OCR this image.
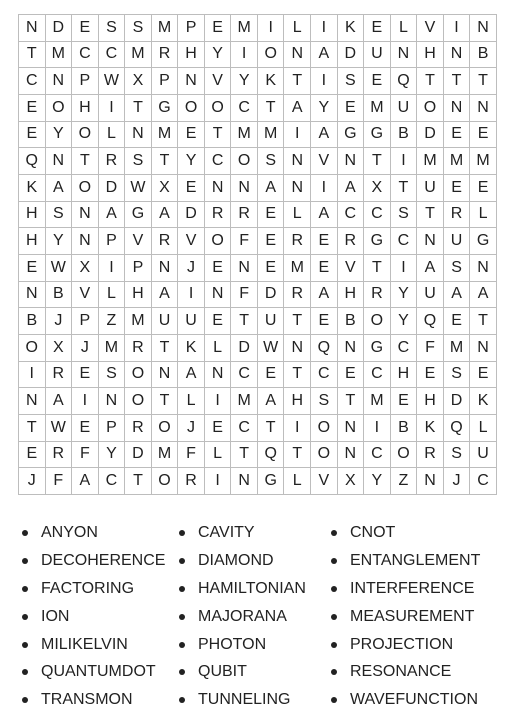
N D E S S M P E M	I	L	I	K E	L	V	I	N
T M C C M R H Y	I	O N A D U N H N B
C N P W X P N V Y K	T	I	S E Q T	T	T
E O H	I	T G O O C T	A Y E M U O N N
E Y O L	N M E	T M M	I	A G G B D E E
Q N T R S	T	Y C O S N V N T	I	M M M
K A O D W X E N N A N	I	A X	T U E E
H S N A G A D R R E	L	A C C S	T R	L
H Y N P V R V O F	E R E R G C N U G
E W X	I	P N	J	E N E M E V	T	I	A S N
N B V	L	H A	I	N F D R A H R Y U A A
B	J	P	Z M U U E	T U T	E B O Y Q E	T
O X	J M R T	K	L	D W N Q N G C F M N
I	R E S O N A N C E	T C E C H E S E
N A	I	N O T	L	I	M A H S	T M E H D K
T W E P R O	J	E C T	I	O N	I	B K Q L
E R F	Y D M F	L	T Q T O N C O R S U
J	F	A C T O R	I	N G L	V X Y	Z N	J	C
ANYON	CAVITY	CNOT
DECOHERENCE DIAMOND	ENTANGLEMENT
FACTORING	HAMILTONIAN	INTERFERENCE
ION	MAJORANA	MEASUREMENT
MILIKELVIN	PHOTON	PROJECTION
QUANTUMDOT	QUBIT	RESONANCE
TRANSMON	TUNNELING	WAVEFUNCTION
